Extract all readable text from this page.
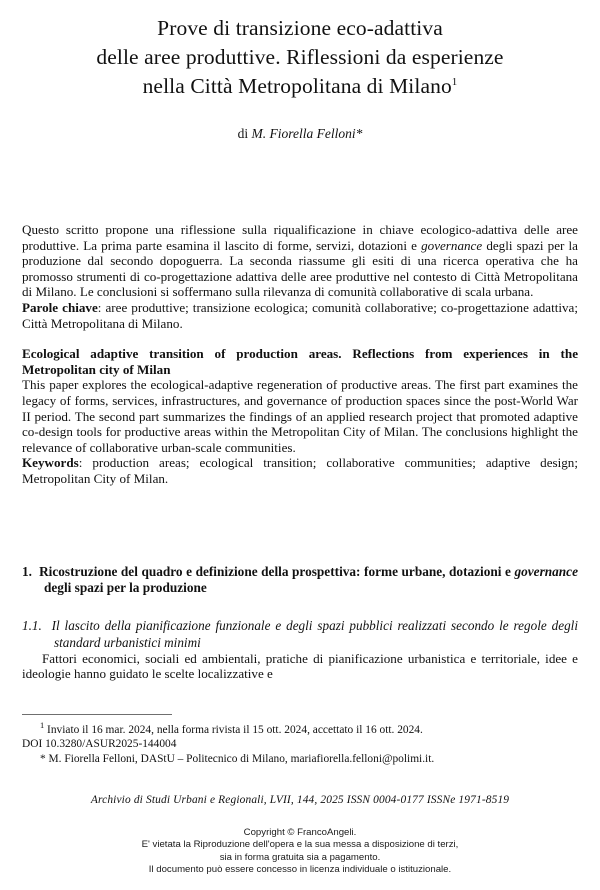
Prove di transizione eco-adattiva
delle aree produttive. Riflessioni da esperienze
nella Città Metropolitana di Milano$^1$

di M. Fiorella Felloni*

Questo scritto propone una riflessione sulla riqualificazione in chiave ecologico-adattiva delle aree produttive. La prima parte esamina il lascito di forme, servizi, dotazioni e governance degli spazi per la produzione dal secondo dopoguerra. La seconda riassume gli esiti di una ricerca operativa che ha promosso strumenti di co-progettazione adattiva delle aree produttive nel contesto di Città Metropolitana di Milano. Le conclusioni si soffermano sulla rilevanza di comunità collaborative di scala urbana.

Parole chiave: aree produttive; transizione ecologica; comunità collaborative; co-progettazione adattiva; Città Metropolitana di Milano.

Ecological adaptive transition of production areas. Reflections from experiences in the Metropolitan city of Milan

This paper explores the ecological-adaptive regeneration of productive areas. The first part examines the legacy of forms, services, infrastructures, and governance of production spaces since the post-World War II period. The second part summarizes the findings of an applied research project that promoted adaptive co-design tools for productive areas within the Metropolitan City of Milan. The conclusions highlight the relevance of collaborative urban-scale communities.

Keywords: production areas; ecological transition; collaborative communities; adaptive design; Metropolitan City of Milan.

1. Ricostruzione del quadro e definizione della prospettiva: forme urbane, dotazioni e governance degli spazi per la produzione

1.1. Il lascito della pianificazione funzionale e degli spazi pubblici realizzati secondo le regole degli standard urbanistici minimi

Fattori economici, sociali ed ambientali, pratiche di pianificazione urbanistica e territoriale, idee e ideologie hanno guidato le scelte localizzative e

$^1$ Inviato il 16 mar. 2024, nella forma rivista il 15 ott. 2024, accettato il 16 ott. 2024.

DOI 10.3280/ASUR2025-144004

* M. Fiorella Felloni, DAStU – Politecnico di Milano, mariafiorella.felloni@polimi.it.

Archivio di Studi Urbani e Regionali, LVII, 144, 2025 ISSN 0004-0177 ISSNe 1971-8519
Copyright © FrancoAngeli.
E' vietata la Riproduzione dell'opera e la sua messa a disposizione di terzi,
sia in forma gratuita sia a pagamento.
Il documento può essere concesso in licenza individuale o istituzionale.
